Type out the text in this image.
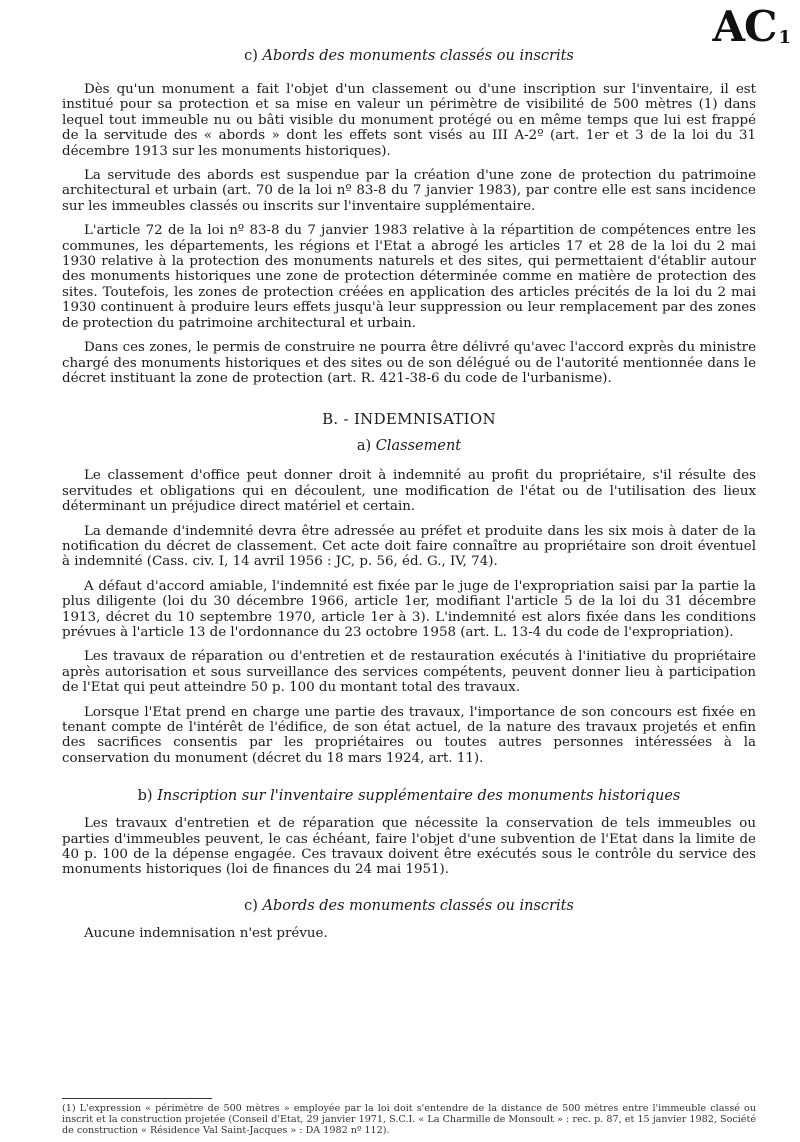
AC $_1$
c) Abords des monuments classés ou inscrits

Dès qu'un monument a fait l'objet d'un classement ou d'une inscription sur l'inventaire, il est institué pour sa protection et sa mise en valeur un périmètre de visibilité de 500 mètres (1) dans lequel tout immeuble nu ou bâti visible du monument protégé ou en même temps que lui est frappé de la servitude des « abords » dont les effets sont visés au III A-2º (art. 1er et 3 de la loi du 31 décembre 1913 sur les monuments historiques).

La servitude des abords est suspendue par la création d'une zone de protection du patrimoine architectural et urbain (art. 70 de la loi nº 83-8 du 7 janvier 1983), par contre elle est sans incidence sur les immeubles classés ou inscrits sur l'inventaire supplémentaire.

L'article 72 de la loi nº 83-8 du 7 janvier 1983 relative à la répartition de compétences entre les communes, les départements, les régions et l'Etat a abrogé les articles 17 et 28 de la loi du 2 mai 1930 relative à la protection des monuments naturels et des sites, qui permettaient d'établir autour des monuments historiques une zone de protection déterminée comme en matière de protection des sites. Toutefois, les zones de protection créées en application des articles précités de la loi du 2 mai 1930 continuent à produire leurs effets jusqu'à leur suppression ou leur remplacement par des zones de protection du patrimoine architectural et urbain.

Dans ces zones, le permis de construire ne pourra être délivré qu'avec l'accord exprès du ministre chargé des monuments historiques et des sites ou de son délégué ou de l'autorité mentionnée dans le décret instituant la zone de protection (art. R. 421-38-6 du code de l'urbanisme).

B. - INDEMNISATION
a) Classement

Le classement d'office peut donner droit à indemnité au profit du propriétaire, s'il résulte des servitudes et obligations qui en découlent, une modification de l'état ou de l'utilisation des lieux déterminant un préjudice direct matériel et certain.

La demande d'indemnité devra être adressée au préfet et produite dans les six mois à dater de la notification du décret de classement. Cet acte doit faire connaître au propriétaire son droit éventuel à indemnité (Cass. civ. I, 14 avril 1956 : JC, p. 56, éd. G., IV, 74).

A défaut d'accord amiable, l'indemnité est fixée par le juge de l'expropriation saisi par la partie la plus diligente (loi du 30 décembre 1966, article 1er, modifiant l'article 5 de la loi du 31 décembre 1913, décret du 10 septembre 1970, article 1er à 3). L'indemnité est alors fixée dans les conditions prévues à l'article 13 de l'ordonnance du 23 octobre 1958 (art. L. 13-4 du code de l'expropriation).

Les travaux de réparation ou d'entretien et de restauration exécutés à l'initiative du propriétaire après autorisation et sous surveillance des services compétents, peuvent donner lieu à participation de l'Etat qui peut atteindre 50 p. 100 du montant total des travaux.

Lorsque l'Etat prend en charge une partie des travaux, l'importance de son concours est fixée en tenant compte de l'intérêt de l'édifice, de son état actuel, de la nature des travaux projetés et enfin des sacrifices consentis par les propriétaires ou toutes autres personnes intéressées à la conservation du monument (décret du 18 mars 1924, art. 11).

b) Inscription sur l'inventaire supplémentaire des monuments historiques

Les travaux d'entretien et de réparation que nécessite la conservation de tels immeubles ou parties d'immeubles peuvent, le cas échéant, faire l'objet d'une subvention de l'Etat dans la limite de 40 p. 100 de la dépense engagée. Ces travaux doivent être exécutés sous le contrôle du service des monuments historiques (loi de finances du 24 mai 1951).

c) Abords des monuments classés ou inscrits

Aucune indemnisation n'est prévue.

(1) L'expression « périmètre de 500 mètres » employée par la loi doit s'entendre de la distance de 500 mètres entre l'immeuble classé ou inscrit et la construction projetée (Conseil d'Etat, 29 janvier 1971, S.C.I. « La Charmille de Monsoult » : rec. p. 87, et 15 janvier 1982, Société de construction « Résidence Val Saint-Jacques » : DA 1982 nº 112).
